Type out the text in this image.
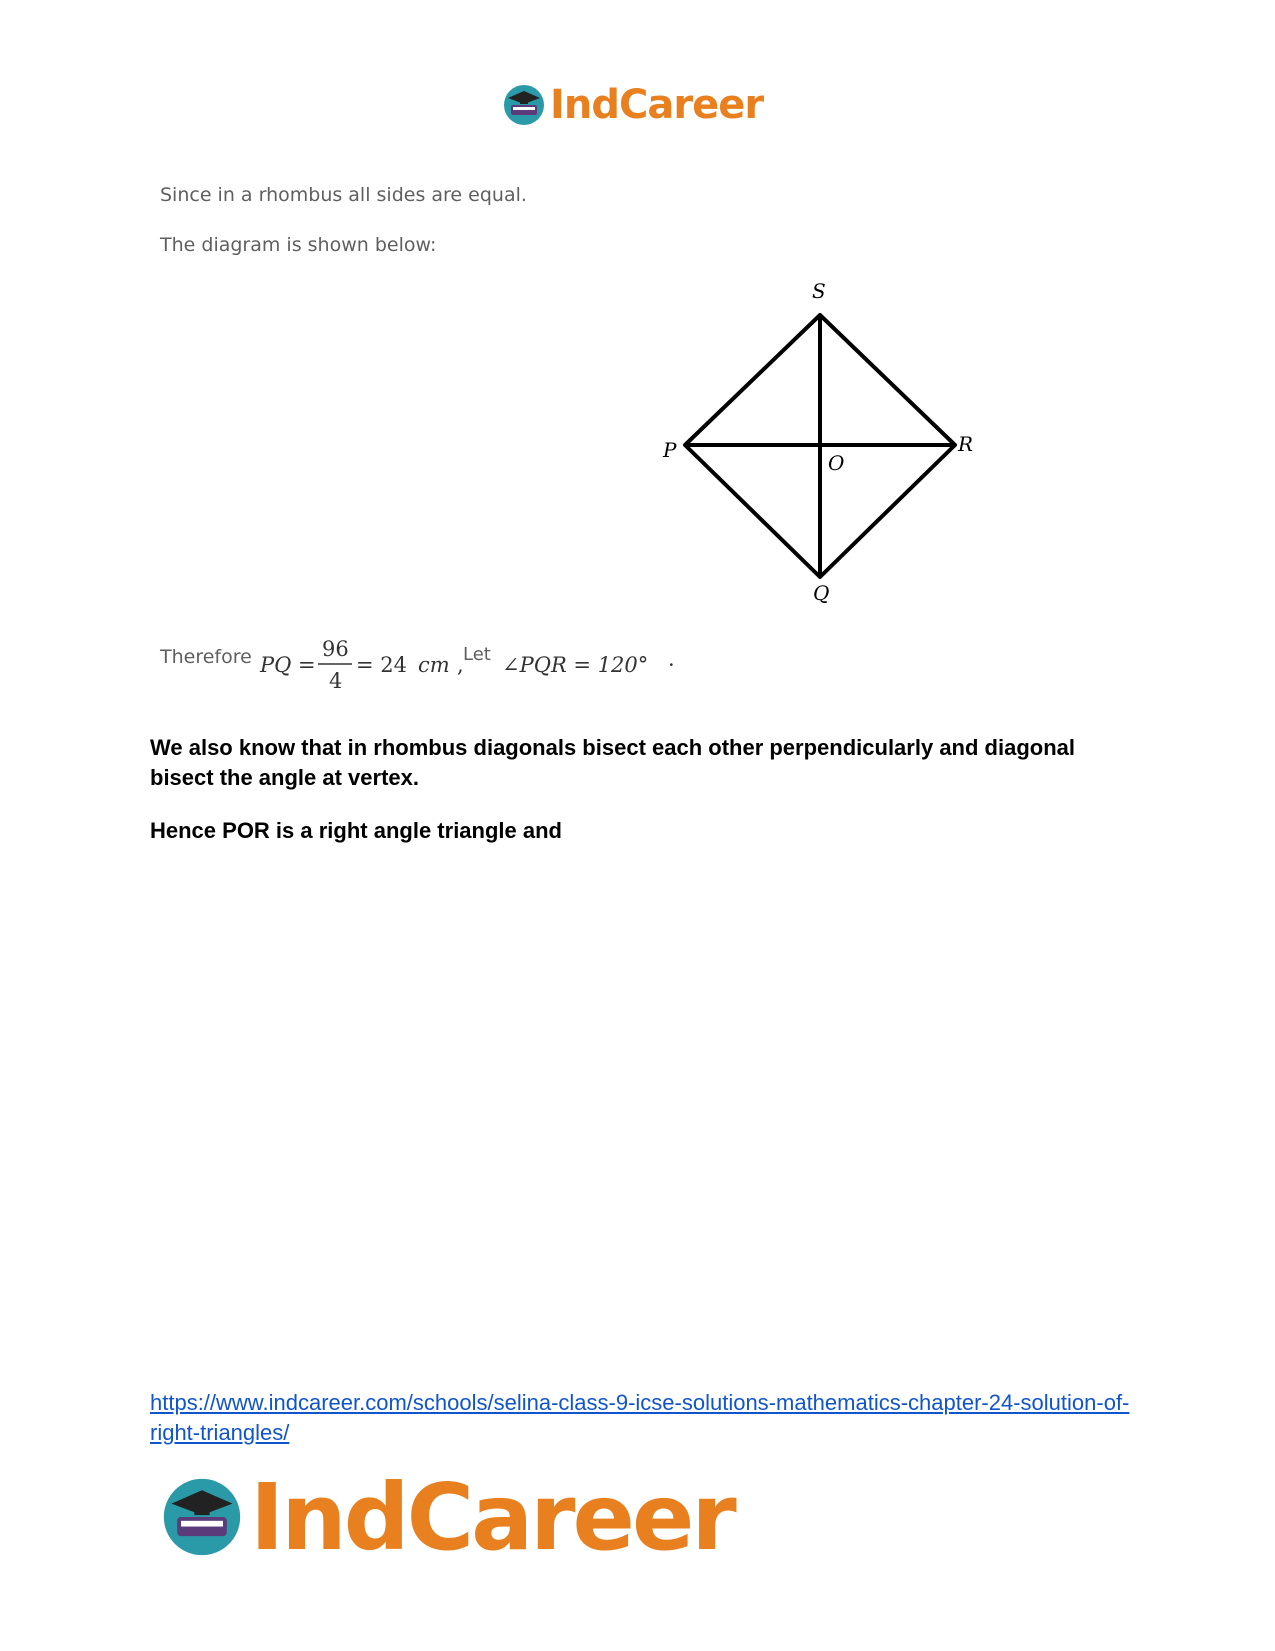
IndCareer
Since in a rhombus all sides are equal.
The diagram is shown below:
S
P	R
O
Q
Therefore PQ =
96
4
= 24 cm , Let ∠PQR = 120° ·
We also know that in rhombus diagonals bisect each other perpendicularly and diagonal bisect the angle at vertex.
Hence POR is a right angle triangle and
https://www.indcareer.com/schools/selina-class-9-icse-solutions-mathematics-chapter-24-solution-of-right-triangles/
IndCareer
